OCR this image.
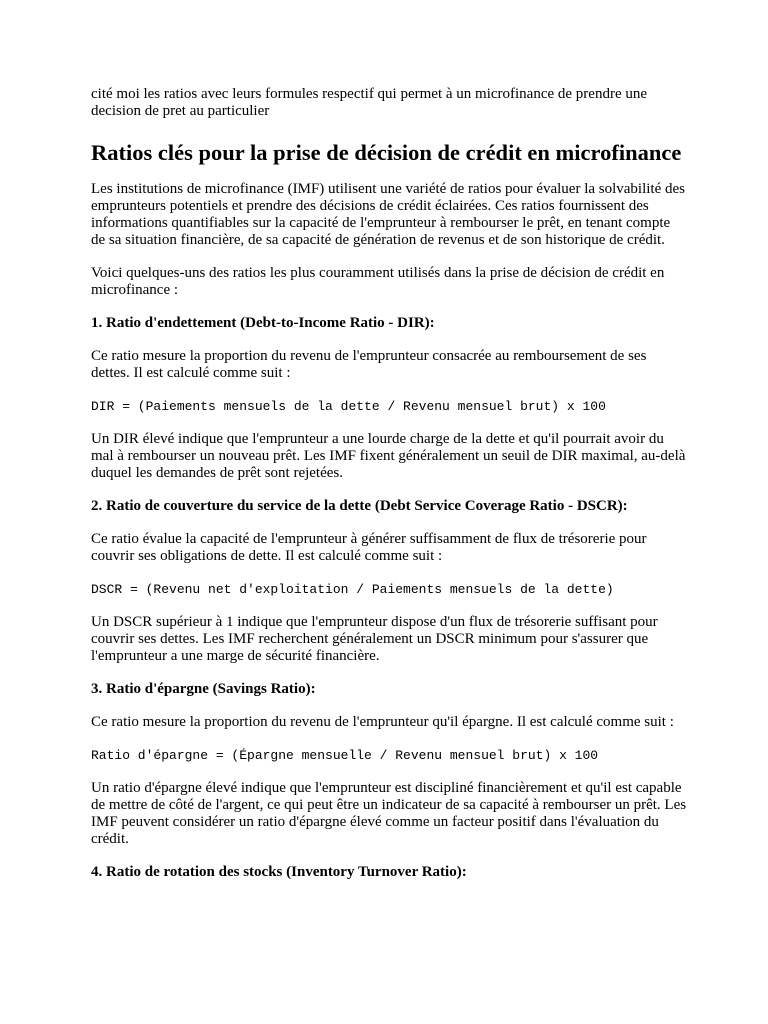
cité moi les ratios avec leurs formules respectif qui permet à un microfinance de prendre une decision de pret au particulier

Ratios clés pour la prise de décision de crédit en microfinance

Les institutions de microfinance (IMF) utilisent une variété de ratios pour évaluer la solvabilité des emprunteurs potentiels et prendre des décisions de crédit éclairées. Ces ratios fournissent des informations quantifiables sur la capacité de l'emprunteur à rembourser le prêt, en tenant compte de sa situation financière, de sa capacité de génération de revenus et de son historique de crédit.

Voici quelques-uns des ratios les plus couramment utilisés dans la prise de décision de crédit en microfinance :

1. Ratio d'endettement (Debt-to-Income Ratio - DIR):

Ce ratio mesure la proportion du revenu de l'emprunteur consacrée au remboursement de ses dettes. Il est calculé comme suit :

DIR = (Paiements mensuels de la dette / Revenu mensuel brut) x 100

Un DIR élevé indique que l'emprunteur a une lourde charge de la dette et qu'il pourrait avoir du mal à rembourser un nouveau prêt. Les IMF fixent généralement un seuil de DIR maximal, au-delà duquel les demandes de prêt sont rejetées.

2. Ratio de couverture du service de la dette (Debt Service Coverage Ratio - DSCR):

Ce ratio évalue la capacité de l'emprunteur à générer suffisamment de flux de trésorerie pour couvrir ses obligations de dette. Il est calculé comme suit :

DSCR = (Revenu net d'exploitation / Paiements mensuels de la dette)

Un DSCR supérieur à 1 indique que l'emprunteur dispose d'un flux de trésorerie suffisant pour couvrir ses dettes. Les IMF recherchent généralement un DSCR minimum pour s'assurer que l'emprunteur a une marge de sécurité financière.

3. Ratio d'épargne (Savings Ratio):

Ce ratio mesure la proportion du revenu de l'emprunteur qu'il épargne. Il est calculé comme suit :

Ratio d'épargne = (Épargne mensuelle / Revenu mensuel brut) x 100

Un ratio d'épargne élevé indique que l'emprunteur est discipliné financièrement et qu'il est capable de mettre de côté de l'argent, ce qui peut être un indicateur de sa capacité à rembourser un prêt. Les IMF peuvent considérer un ratio d'épargne élevé comme un facteur positif dans l'évaluation du crédit.

4. Ratio de rotation des stocks (Inventory Turnover Ratio):
